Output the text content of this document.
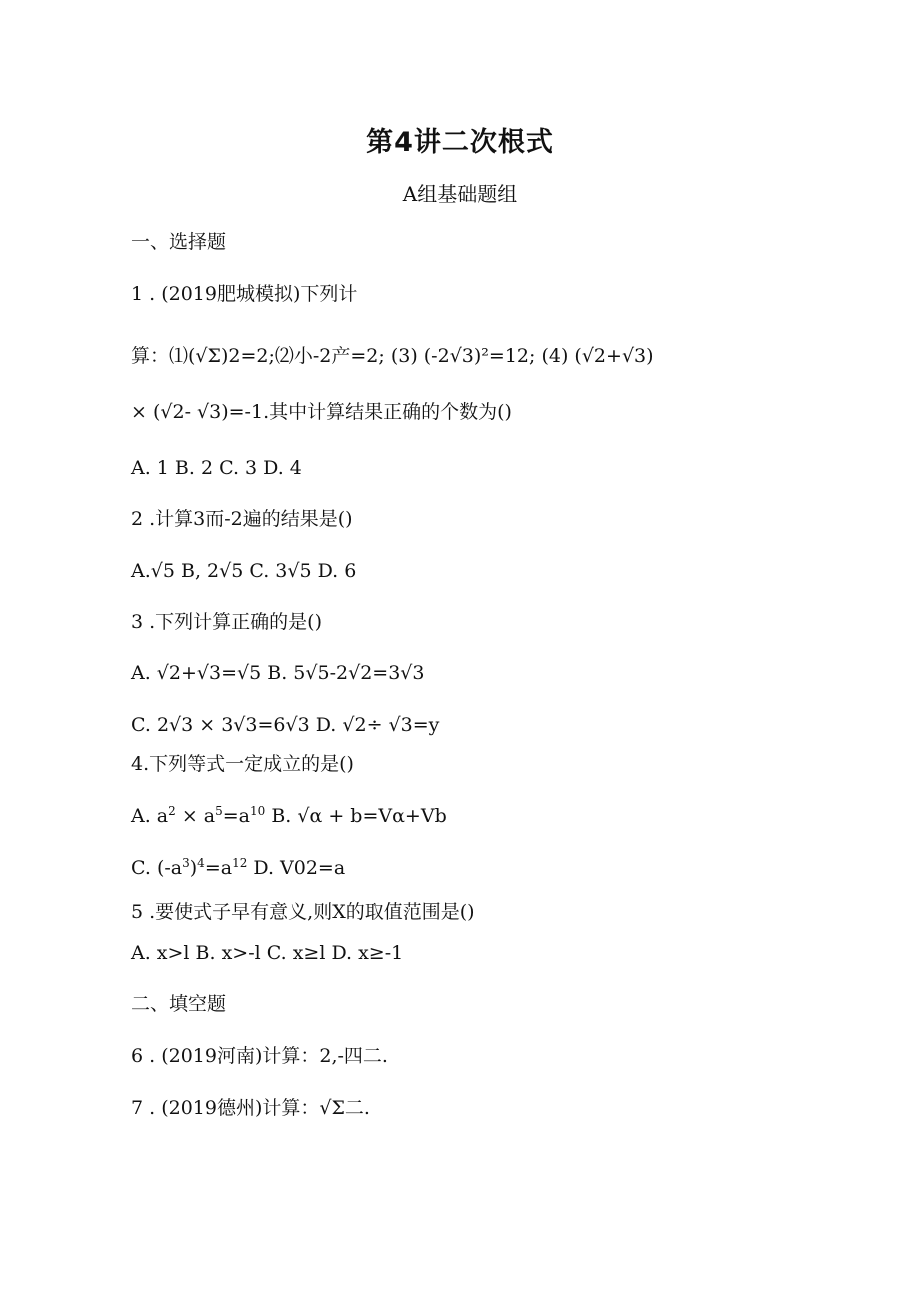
第4讲二次根式
A组基础题组
一、选择题
1 . (2019肥城模拟)下列计
算：⑴(√Σ)2=2;⑵小-2产=2; (3) (-2√3)²=12; (4) (√2+√3)
× (√2- √3)=-1.其中计算结果正确的个数为()
A. 1 B. 2 C. 3 D. 4
2 .计算3而-2遍的结果是()
A.√5 B, 2√5 C. 3√5 D. 6
3 .下列计算正确的是()
A. √2+√3=√5 B. 5√5-2√2=3√3
C. 2√3 × 3√3=6√3 D. √2÷ √3=y
4.下列等式一定成立的是()
A. $a^2 \times a^5=a^{10}$ B. √α + b=Vα+Vb
C. $(-a^3)^4=a^{12}$ D. V02=a
5 .要使式子早有意义,则X的取值范围是()
A. x>l B. x>-l C. x≥l D. x≥-1
二、填空题
6 . (2019河南)计算：2,-四二.
7 . (2019德州)计算：√Σ二.
